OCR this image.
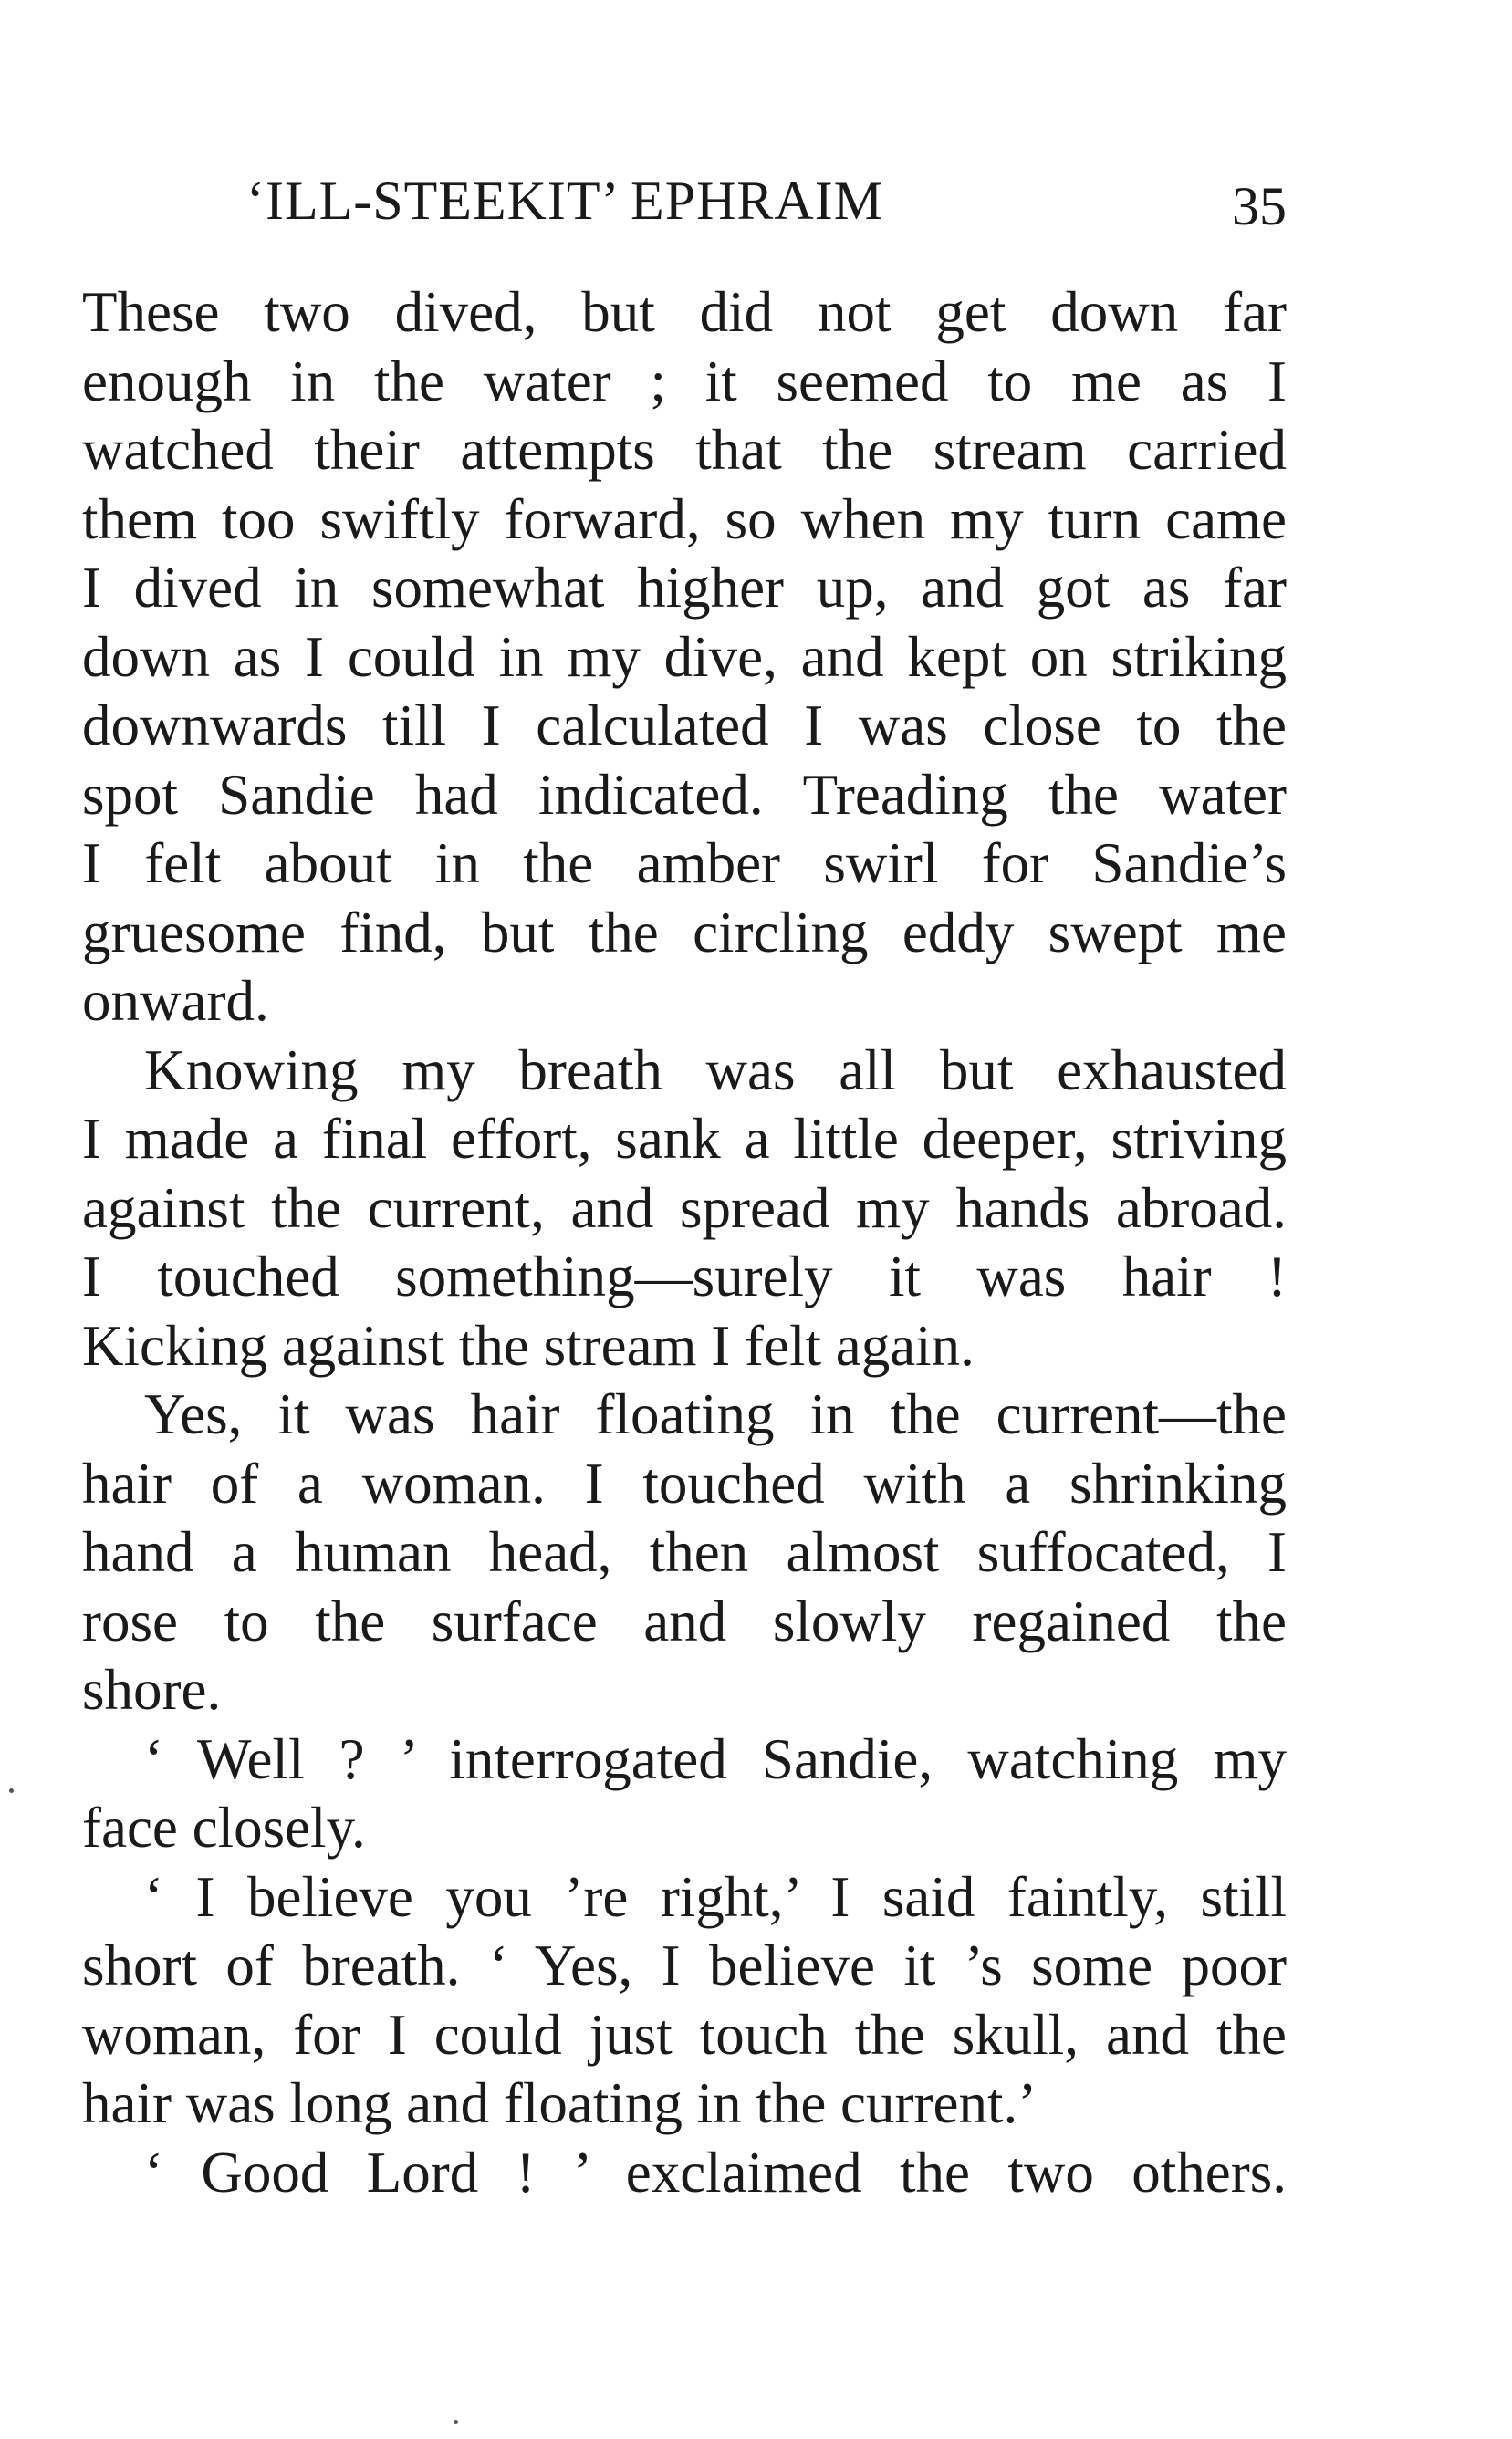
‘ILL-STEEKIT’ EPHRAIM	35
These two dived, but did not get down far
enough in the water ; it seemed to me as I
watched their attempts that the stream carried
them too swiftly forward, so when my turn came
I dived in somewhat higher up, and got as far
down as I could in my dive, and kept on striking
downwards till I calculated I was close to the
spot Sandie had indicated. Treading the water
I felt about in the amber swirl for Sandie’s
gruesome find, but the circling eddy swept me
onward.
Knowing my breath was all but exhausted
I made a final effort, sank a little deeper, striving
against the current, and spread my hands abroad.
I touched something—surely it was hair !
Kicking against the stream I felt again.
Yes, it was hair floating in the current—the
hair of a woman. I touched with a shrinking
hand a human head, then almost suffocated, I
rose to the surface and slowly regained the
shore.
‘ Well ? ’ interrogated Sandie, watching my
face closely.
‘ I believe you ’re right,’ I said faintly, still
short of breath. ‘ Yes, I believe it ’s some poor
woman, for I could just touch the skull, and the
hair was long and floating in the current.’
‘ Good Lord ! ’ exclaimed the two others.
